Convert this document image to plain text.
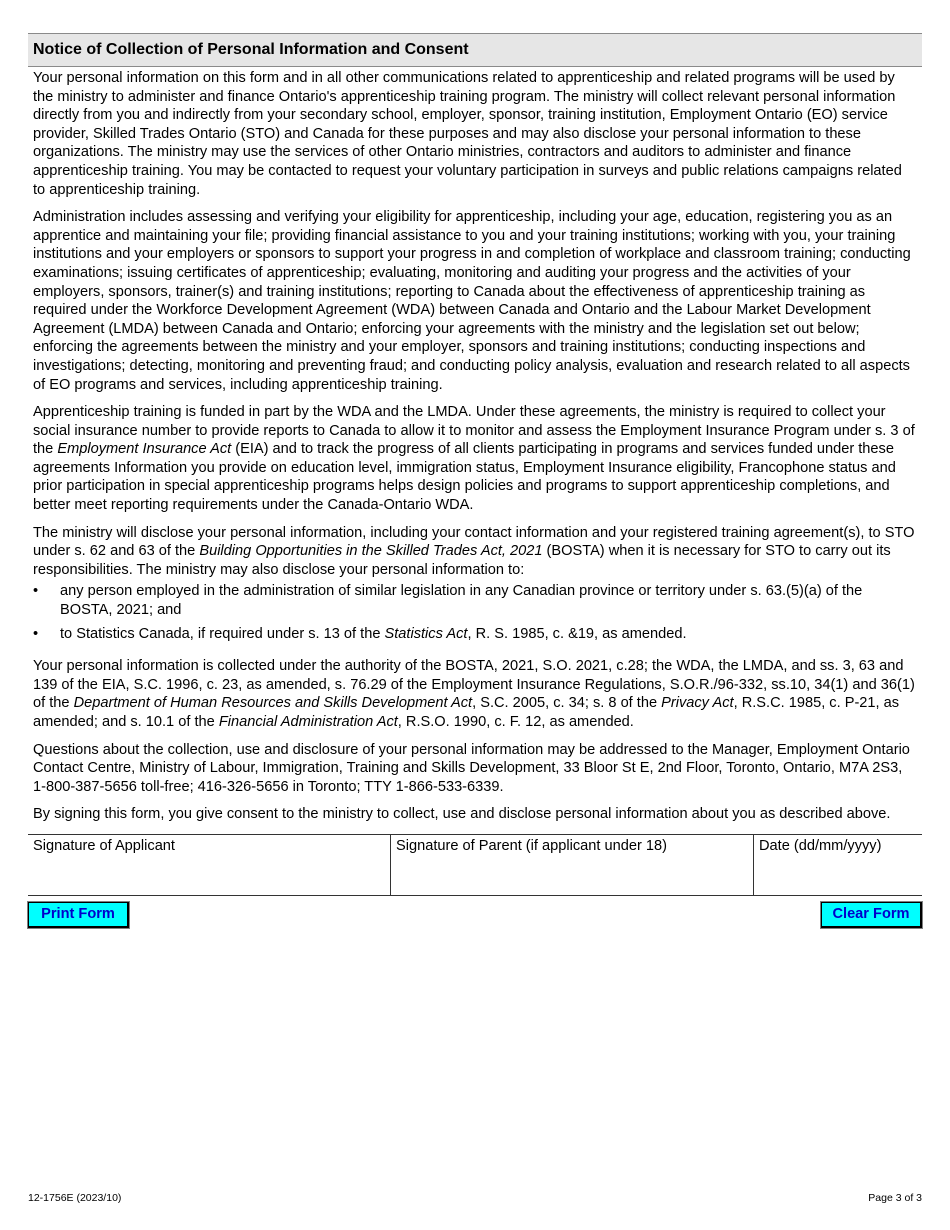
Notice of Collection of Personal Information and Consent

Your personal information on this form and in all other communications related to apprenticeship and related programs will be used by the ministry to administer and finance Ontario's apprenticeship training program. The ministry will collect relevant personal information directly from you and indirectly from your secondary school, employer, sponsor, training institution, Employment Ontario (EO) service provider, Skilled Trades Ontario (STO) and Canada for these purposes and may also disclose your personal information to these organizations. The ministry may use the services of other Ontario ministries, contractors and auditors to administer and finance apprenticeship training. You may be contacted to request your voluntary participation in surveys and public relations campaigns related to apprenticeship training.

Administration includes assessing and verifying your eligibility for apprenticeship, including your age, education, registering you as an apprentice and maintaining your file; providing financial assistance to you and your training institutions; working with you, your training institutions and your employers or sponsors to support your progress in and completion of workplace and classroom training; conducting examinations; issuing certificates of apprenticeship; evaluating, monitoring and auditing your progress and the activities of your employers, sponsors, trainer(s) and training institutions; reporting to Canada about the effectiveness of apprenticeship training as required under the Workforce Development Agreement (WDA) between Canada and Ontario and the Labour Market Development Agreement (LMDA) between Canada and Ontario; enforcing your agreements with the ministry and the legislation set out below; enforcing the agreements between the ministry and your employer, sponsors and training institutions; conducting inspections and investigations; detecting, monitoring and preventing fraud; and conducting policy analysis, evaluation and research related to all aspects of EO programs and services, including apprenticeship training.

Apprenticeship training is funded in part by the WDA and the LMDA. Under these agreements, the ministry is required to collect your social insurance number to provide reports to Canada to allow it to monitor and assess the Employment Insurance Program under s. 3 of the Employment Insurance Act (EIA) and to track the progress of all clients participating in programs and services funded under these agreements Information you provide on education level, immigration status, Employment Insurance eligibility, Francophone status and prior participation in special apprenticeship programs helps design policies and programs to support apprenticeship completions, and better meet reporting requirements under the Canada-Ontario WDA.

The ministry will disclose your personal information, including your contact information and your registered training agreement(s), to STO under s. 62 and 63 of the Building Opportunities in the Skilled Trades Act, 2021 (BOSTA) when it is necessary for STO to carry out its responsibilities. The ministry may also disclose your personal information to:

• any person employed in the administration of similar legislation in any Canadian province or territory under s. 63.(5)(a) of the BOSTA, 2021; and
• to Statistics Canada, if required under s. 13 of the Statistics Act, R. S. 1985, c. &19, as amended.

Your personal information is collected under the authority of the BOSTA, 2021, S.O. 2021, c.28; the WDA, the LMDA, and ss. 3, 63 and 139 of the EIA, S.C. 1996, c. 23, as amended, s. 76.29 of the Employment Insurance Regulations, S.O.R./96-332, ss.10, 34(1) and 36(1) of the Department of Human Resources and Skills Development Act, S.C. 2005, c. 34; s. 8 of the Privacy Act, R.S.C. 1985, c. P-21, as amended; and s. 10.1 of the Financial Administration Act, R.S.O. 1990, c. F. 12, as amended.

Questions about the collection, use and disclosure of your personal information may be addressed to the Manager, Employment Ontario Contact Centre, Ministry of Labour, Immigration, Training and Skills Development, 33 Bloor St E, 2nd Floor, Toronto, Ontario, M7A 2S3, 1-800-387-5656 toll-free; 416-326-5656 in Toronto; TTY 1-866-533-6339.

By signing this form, you give consent to the ministry to collect, use and disclose personal information about you as described above.

Signature of Applicant	Signature of Parent (if applicant under 18)	Date (dd/mm/yyyy)
Print Form	Clear Form
12-1756E (2023/10)	Page 3 of 3
